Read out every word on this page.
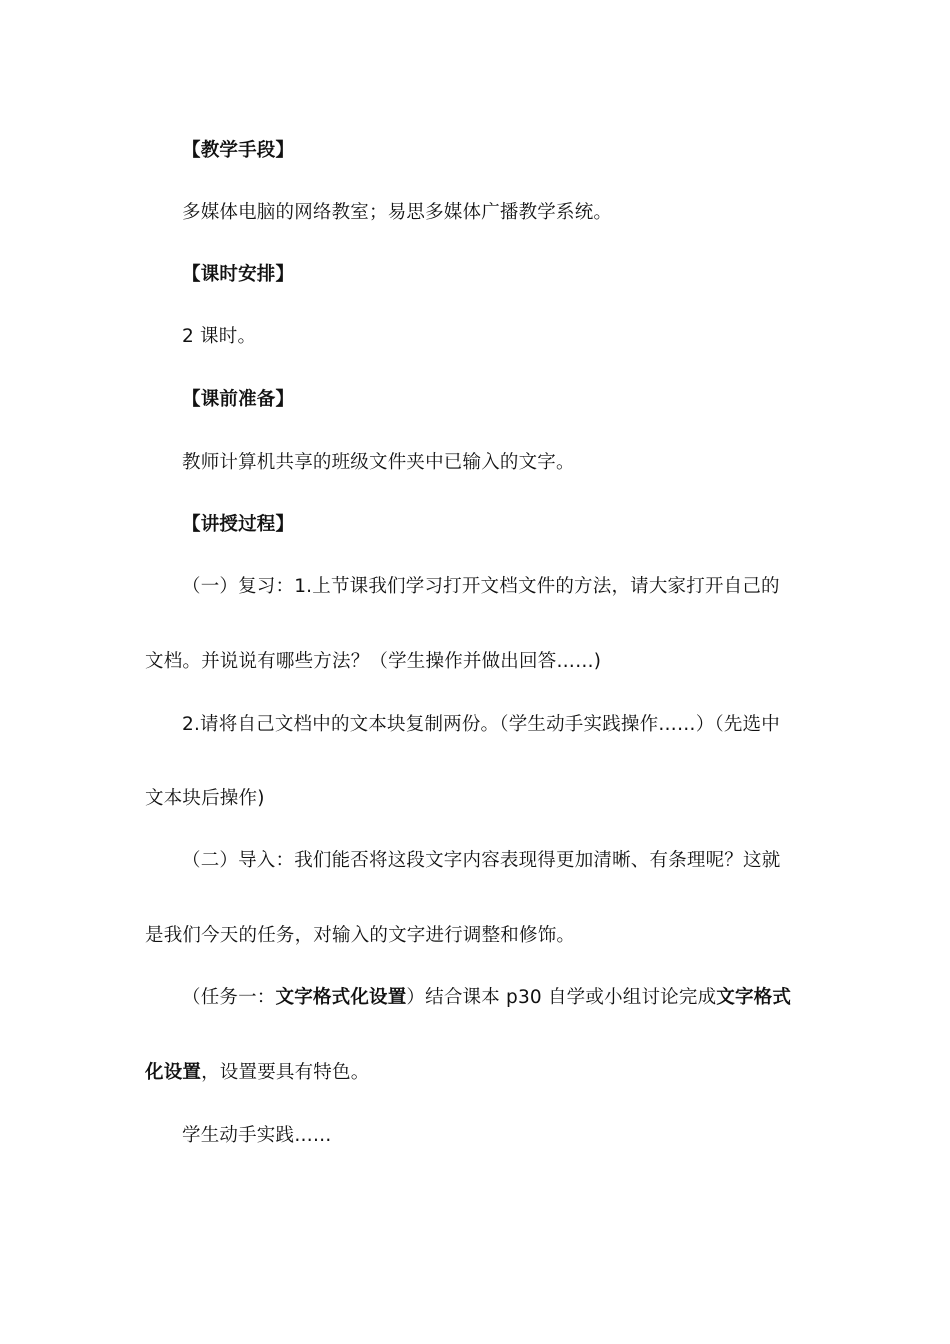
【教学手段】
多媒体电脑的网络教室；易思多媒体广播教学系统。
【课时安排】
2 课时。
【课前准备】
教师计算机共享的班级文件夹中已输入的文字。
【讲授过程】
（一）复习：1.上节课我们学习打开文档文件的方法，请大家打开自己的
文档。并说说有哪些方法？（学生操作并做出回答……)
2.请将自己文档中的文本块复制两份。（学生动手实践操作……）（先选中
文本块后操作)
（二）导入：我们能否将这段文字内容表现得更加清晰、有条理呢？这就
是我们今天的任务，对输入的文字进行调整和修饰。
（任务一：文字格式化设置）结合课本 p30 自学或小组讨论完成文字格式
化设置，设置要具有特色。
学生动手实践……
